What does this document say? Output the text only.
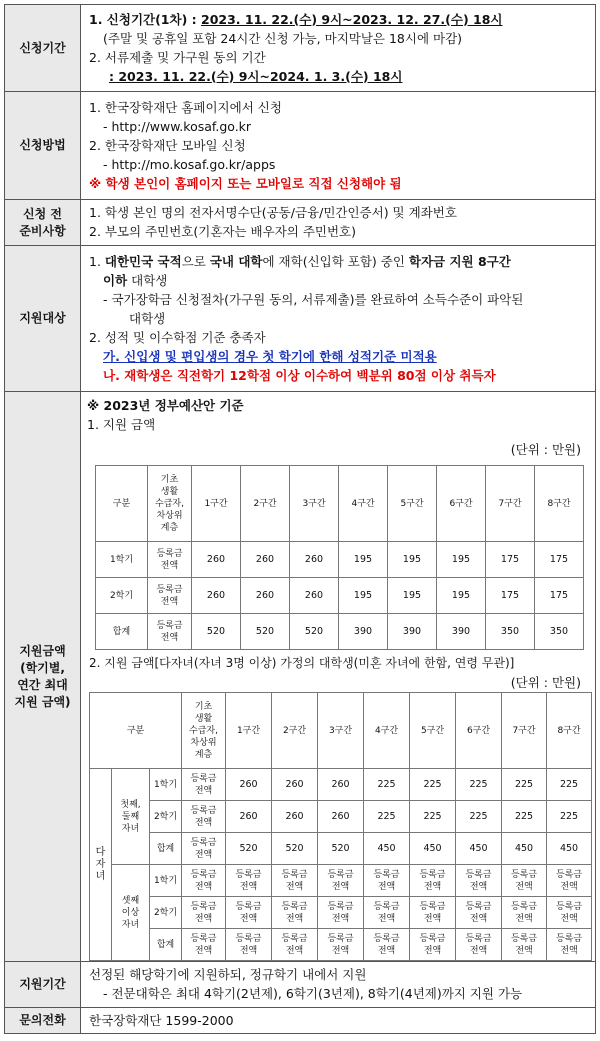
신청기간	
1. 신청기간(1차) : 2023. 11. 22.(수) 9시~2023. 12. 27.(수) 18시
(주말 및 공휴일 포함 24시간 신청 가능, 마지막날은 18시에 마감)
2. 서류제출 및 가구원 동의 기간
: 2023. 11. 22.(수) 9시~2024. 1. 3.(수) 18시

신청방법	
1. 한국장학재단 홈페이지에서 신청
- http://www.kosaf.go.kr
2. 한국장학재단 모바일 신청
- http://mo.kosaf.go.kr/apps
※ 학생 본인이 홈페이지 또는 모바일로 직접 신청해야 됨

신청 전
준비사항

1. 학생 본인 명의 전자서명수단(공동/금융/민간인증서) 및 계좌번호
2. 부모의 주민번호(기혼자는 배우자의 주민번호)

지원대상	
1. 대한민국 국적으로 국내 대학에 재학(신입학 포함) 중인 학자금 지원 8구간
이하 대학생
- 국가장학금 신청절차(가구원 동의, 서류제출)를 완료하여 소득수준이 파악된
대학생
2. 성적 및 이수학점 기준 충족자
가. 신입생 및 편입생의 경우 첫 학기에 한해 성적기준 미적용
나. 재학생은 직전학기 12학점 이상 이수하여 백분위 80점 이상 취득자

지원금액
(학기별,
연간 최대
지원 금액)

※ 2023년 정부예산안 기준
1. 지원 금액
(단위 : 만원)
구분	기초
생활
수급자,
차상위
계층	1구간	2구간	3구간	4구간	5구간	6구간	7구간	8구간
1학기	등록금
전액	260	260	260	195	195	195	175	175
2학기	등록금
전액	260	260	260	195	195	195	175	175
합계	등록금
전액	520	520	520	390	390	390	350	350
2. 지원 금액[다자녀(자녀 3명 이상) 가정의 대학생(미혼 자녀에 한함, 연령 무관)]
(단위 : 만원)
구분	기초
생활
수급자,
차상위
계층	1구간	2구간	3구간	4구간	5구간	6구간	7구간	8구간
다
자
녀	첫째,
둘째
자녀	1학기	등록금
전액	260	260	260	225	225	225	225	225
2학기	등록금
전액	260	260	260	225	225	225	225	225
합계	등록금
전액	520	520	520	450	450	450	450	450
셋째
이상
자녀	1학기	등록금
전액	등록금
전액	등록금
전액	등록금
전액	등록금
전액	등록금
전액	등록금
전액	등록금
전액	등록금
전액
2학기	등록금
전액	등록금
전액	등록금
전액	등록금
전액	등록금
전액	등록금
전액	등록금
전액	등록금
전액	등록금
전액
합계	등록금
전액	등록금
전액	등록금
전액	등록금
전액	등록금
전액	등록금
전액	등록금
전액	등록금
전액	등록금
전액

지원기간	
선정된 해당학기에 지원하되, 정규학기 내에서 지원
- 전문대학은 최대 4학기(2년제), 6학기(3년제), 8학기(4년제)까지 지원 가능

문의전화	한국장학재단 1599-2000
